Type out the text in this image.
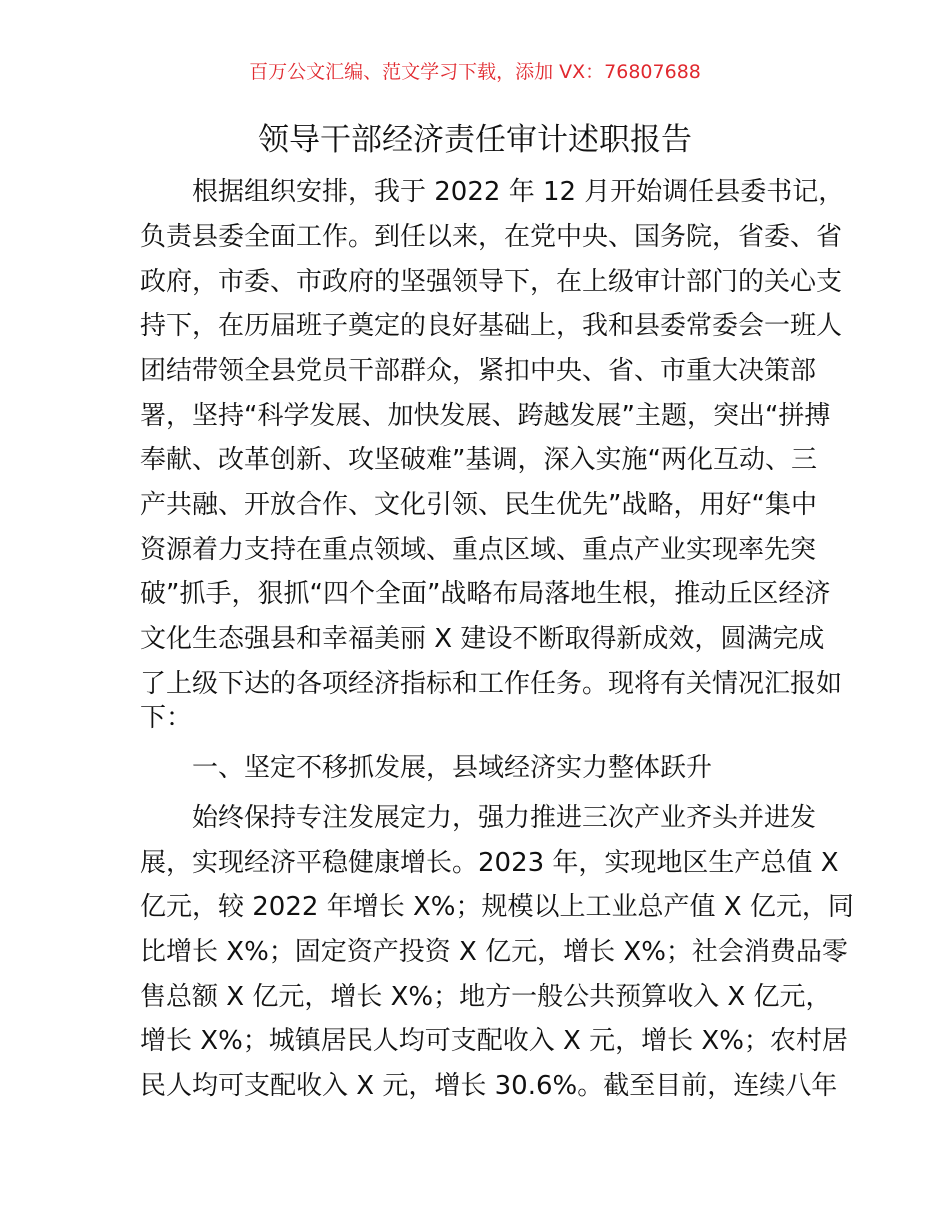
百万公文汇编、范文学习下载，添加 VX：76807688
领导干部经济责任审计述职报告
根据组织安排，我于 2022 年 12 月开始调任县委书记，
负责县委全面工作。到任以来，在党中央、国务院，省委、省
政府，市委、市政府的坚强领导下，在上级审计部门的关心支
持下，在历届班子奠定的良好基础上，我和县委常委会一班人
团结带领全县党员干部群众，紧扣中央、省、市重大决策部
署，坚持“科学发展、加快发展、跨越发展”主题，突出“拼搏
奉献、改革创新、攻坚破难”基调，深入实施“两化互动、三
产共融、开放合作、文化引领、民生优先”战略，用好“集中
资源着力支持在重点领域、重点区域、重点产业实现率先突
破”抓手，狠抓“四个全面”战略布局落地生根，推动丘区经济
文化生态强县和幸福美丽 X 建设不断取得新成效，圆满完成
了上级下达的各项经济指标和工作任务。现将有关情况汇报如
下：
一、坚定不移抓发展，县域经济实力整体跃升
始终保持专注发展定力，强力推进三次产业齐头并进发
展，实现经济平稳健康增长。2023 年，实现地区生产总值 X
亿元，较 2022 年增长 X%；规模以上工业总产值 X 亿元，同
比增长 X%；固定资产投资 X 亿元，增长 X%；社会消费品零
售总额 X 亿元，增长 X%；地方一般公共预算收入 X 亿元，
增长 X%；城镇居民人均可支配收入 X 元，增长 X%；农村居
民人均可支配收入 X 元，增长 30.6%。截至目前，连续八年
